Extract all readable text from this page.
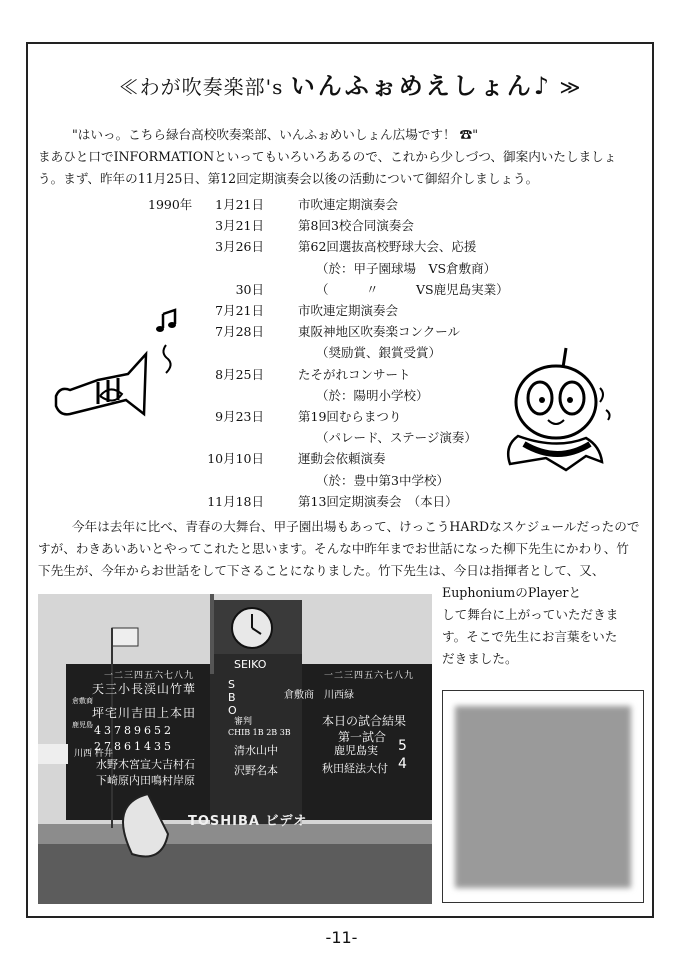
≪わが吹奏楽部's いんふぉめえしょん♪ ≫
"はいっ。こちら緑台高校吹奏楽部、いんふぉめいしょん広場です！ ☎"
まあひと口でINFORMATIONといってもいろいろあるので、これから少しづつ、御案内いたしましょ
う。まず、昨年の11月25日、第12回定期演奏会以後の活動について御紹介しましょう。
1990年	1月21日	市吹連定期演奏会
3月21日	第8回3校合同演奏会
3月26日	第62回選抜高校野球大会、応援
（於：甲子園球場　VS倉敷商）
30日	（　　　〃　　　VS鹿児島実業）
7月21日	市吹連定期演奏会
7月28日	東阪神地区吹奏楽コンクール
（奨励賞、銀賞受賞）
8月25日	たそがれコンサート
（於：陽明小学校）
9月23日	第19回むらまつり
（パレード、ステージ演奏）
10月10日	運動会依頼演奏
（於：豊中第3中学校）
11月18日	第13回定期演奏会　（本日）
今年は去年に比べ、青春の大舞台、甲子園出場もあって、けっこうHARDなスケジュールだったので
すが、わきあいあいとやってこれたと思います。そんな中昨年までお世話になった柳下先生にかわり、竹
下先生が、今年からお世話をして下さることになりました。竹下先生は、今日は指揮者として、又、
EuphoniumのPlayerと
して舞台に上がっていただきま
す。そこで先生にお言葉をいた
だきました。
SEIKO
SBO
一二三四五六七八九	一二三四五六七八九
倉敷商
天三小長渓山竹華
坪宅川吉田上本田
鹿児島 43789652
27861435
川西 杵井
水野木宮宣大吉村石
下崎原内田鳴村岸原
倉敷商　川西緑
審判
CHIB 1B 2B 3B
清水山中
沢野名本
本日の試合結果
第一試合
鹿児島実 5
秋田経法大付 4
TOSHIBA ビデオ
-11-
